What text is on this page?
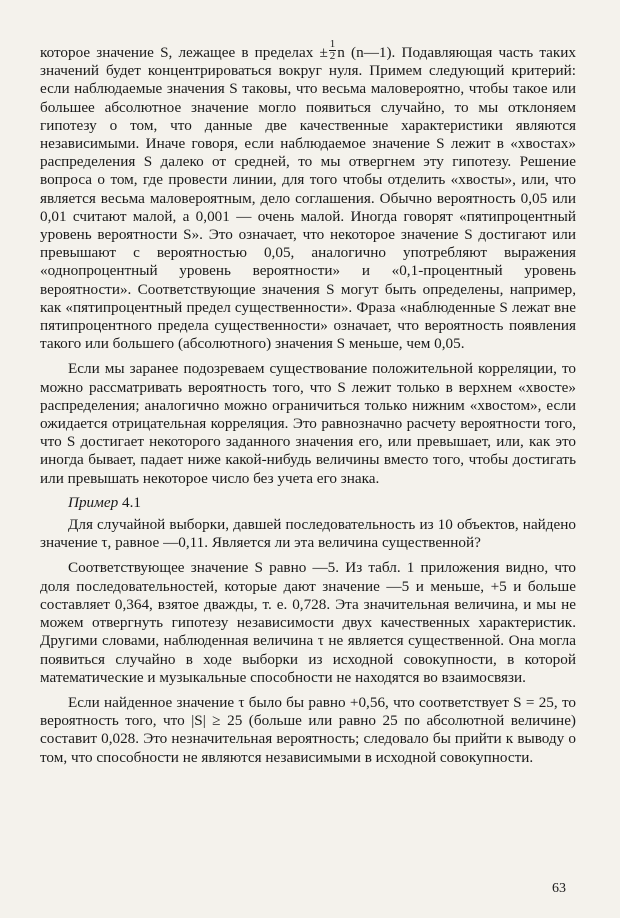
которое значение S, лежащее в пределах ± $\frac{1}{2}$ n (n—1). Подавляющая часть таких значений будет концентрироваться вокруг нуля. Примем следующий критерий: если наблюдаемые значения S таковы, что весьма маловероятно, чтобы такое или большее абсолютное значение могло появиться случайно, то мы отклоняем гипотезу о том, что данные две качественные характеристики являются независимыми. Иначе говоря, если наблюдаемое значение S лежит в «хвостах» распределения S далеко от средней, то мы отвергнем эту гипотезу. Решение вопроса о том, где провести линии, для того чтобы отделить «хвосты», или, что является весьма маловероятным, дело соглашения. Обычно вероятность 0,05 или 0,01 считают малой, а 0,001 — очень малой. Иногда говорят «пятипроцентный уровень вероятности S». Это означает, что некоторое значение S достигают или превышают с вероятностью 0,05, аналогично употребляют выражения «однопроцентный уровень вероятности» и «0,1-процентный уровень вероятности». Соответствующие значения S могут быть определены, например, как «пятипроцентный предел существенности». Фраза «наблюденные S лежат вне пятипроцентного предела существенности» означает, что вероятность появления такого или большего (абсолютного) значения S меньше, чем 0,05.

Если мы заранее подозреваем существование положительной корреляции, то можно рассматривать вероятность того, что S лежит только в верхнем «хвосте» распределения; аналогично можно ограничиться только нижним «хвостом», если ожидается отрицательная корреляция. Это равнозначно расчету вероятности того, что S достигает некоторого заданного значения его, или превышает, или, как это иногда бывает, падает ниже какой-нибудь величины вместо того, чтобы достигать или превышать некоторое число без учета его знака.

Пример 4.1

Для случайной выборки, давшей последовательность из 10 объектов, найдено значение τ, равное —0,11. Является ли эта величина существенной?

Соответствующее значение S равно —5. Из табл. 1 приложения видно, что доля последовательностей, которые дают значение —5 и меньше, +5 и больше составляет 0,364, взятое дважды, т. е. 0,728. Эта значительная величина, и мы не можем отвергнуть гипотезу независимости двух качественных характеристик. Другими словами, наблюденная величина τ не является существенной. Она могла появиться случайно в ходе выборки из исходной совокупности, в которой математические и музыкальные способности не находятся во взаимосвязи.

Если найденное значение τ было бы равно +0,56, что соответствует S = 25, то вероятность того, что |S| ≥ 25 (больше или равно 25 по абсолютной величине) составит 0,028. Это незначительная вероятность; следовало бы прийти к выводу о том, что способности не являются независимыми в исходной совокупности.

63
